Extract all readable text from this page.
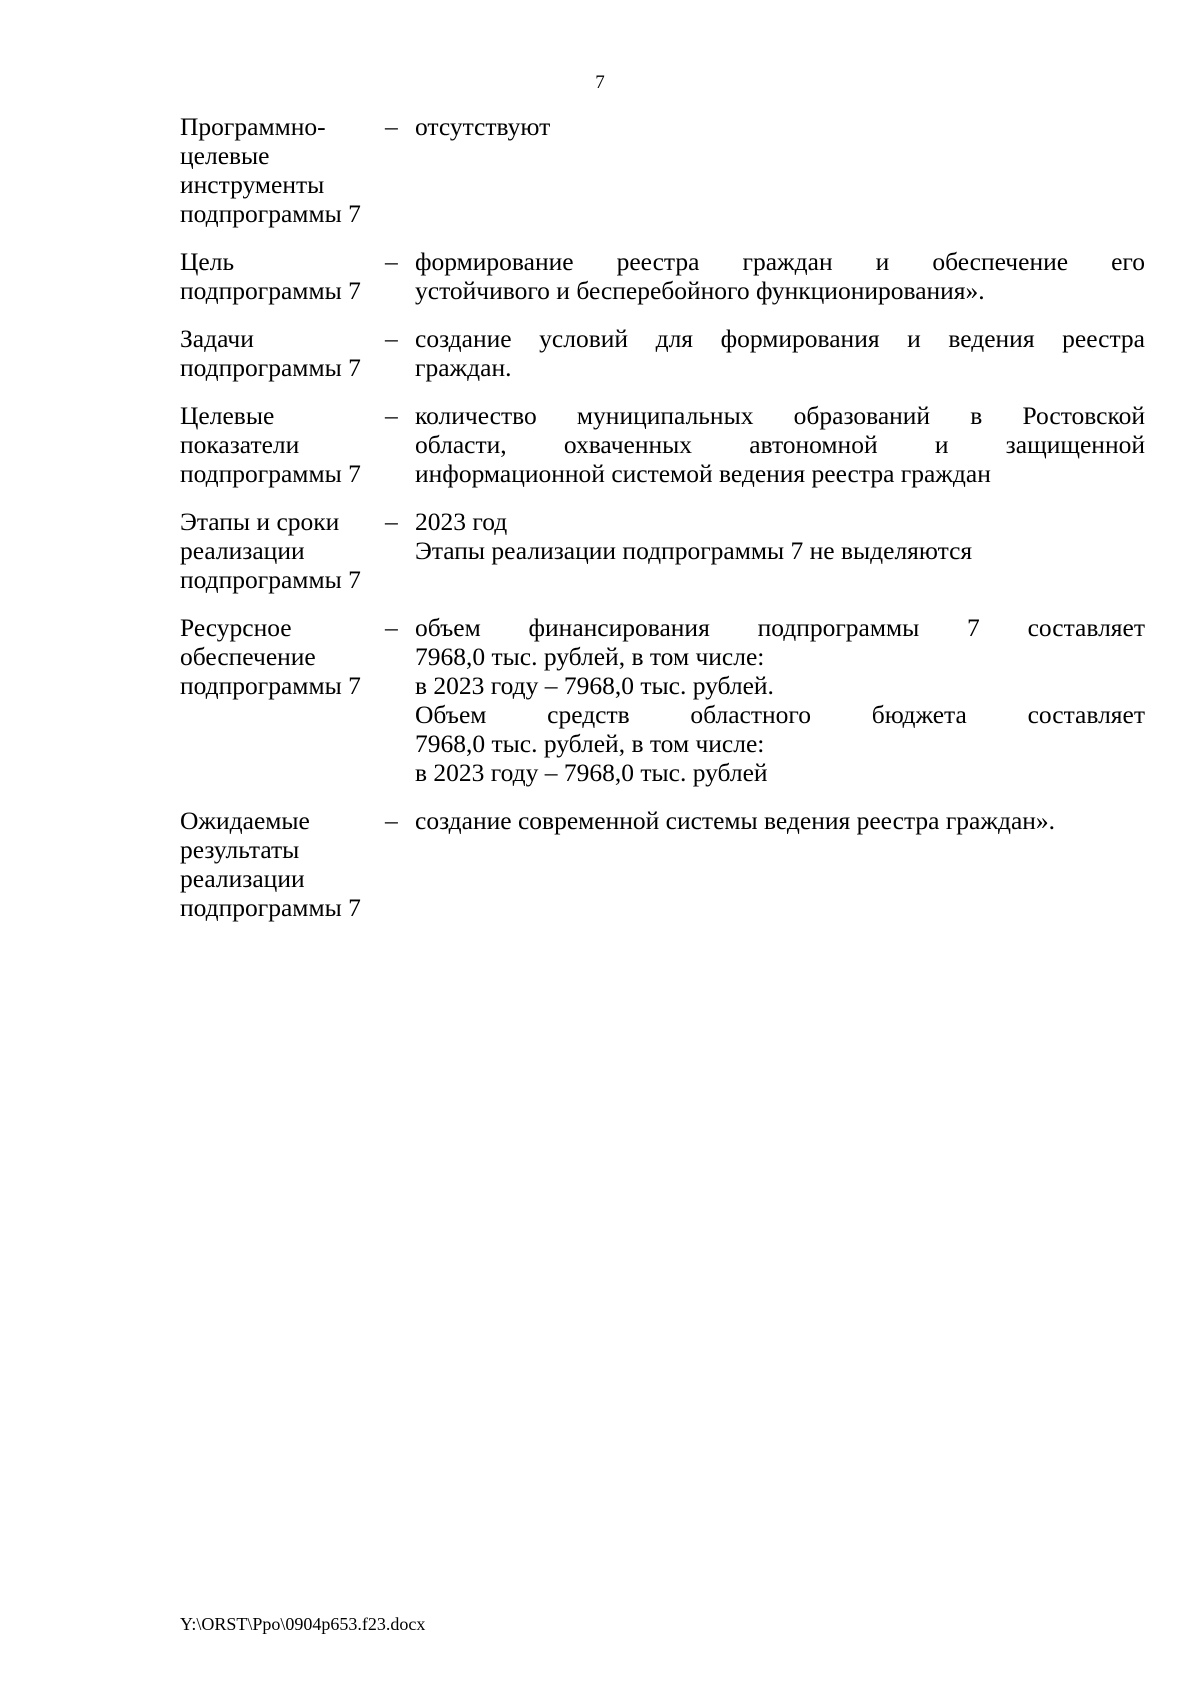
7
Программно-
целевые
инструменты
подпрограммы 7
– отсутствуют
Цель
подпрограммы 7
– формирование реестра граждан и обеспечение его
устойчивого и бесперебойного функционирования».
Задачи
подпрограммы 7
– создание условий для формирования и ведения реестра
граждан.
Целевые
показатели
подпрограммы 7
– количество муниципальных образований в Ростовской
области, охваченных автономной и защищенной
информационной системой ведения реестра граждан
Этапы и сроки
реализации
подпрограммы 7
– 2023 год
Этапы реализации подпрограммы 7 не выделяются
Ресурсное
обеспечение
подпрограммы 7
– объем финансирования подпрограммы 7 составляет
7968,0 тыс. рублей, в том числе:
в 2023 году – 7968,0 тыс. рублей.
Объем средств областного бюджета составляет
7968,0 тыс. рублей, в том числе:
в 2023 году – 7968,0 тыс. рублей
Ожидаемые
результаты
реализации
подпрограммы 7
– создание современной системы ведения реестра граждан».
Y:\ORST\Ppo\0904p653.f23.docx
